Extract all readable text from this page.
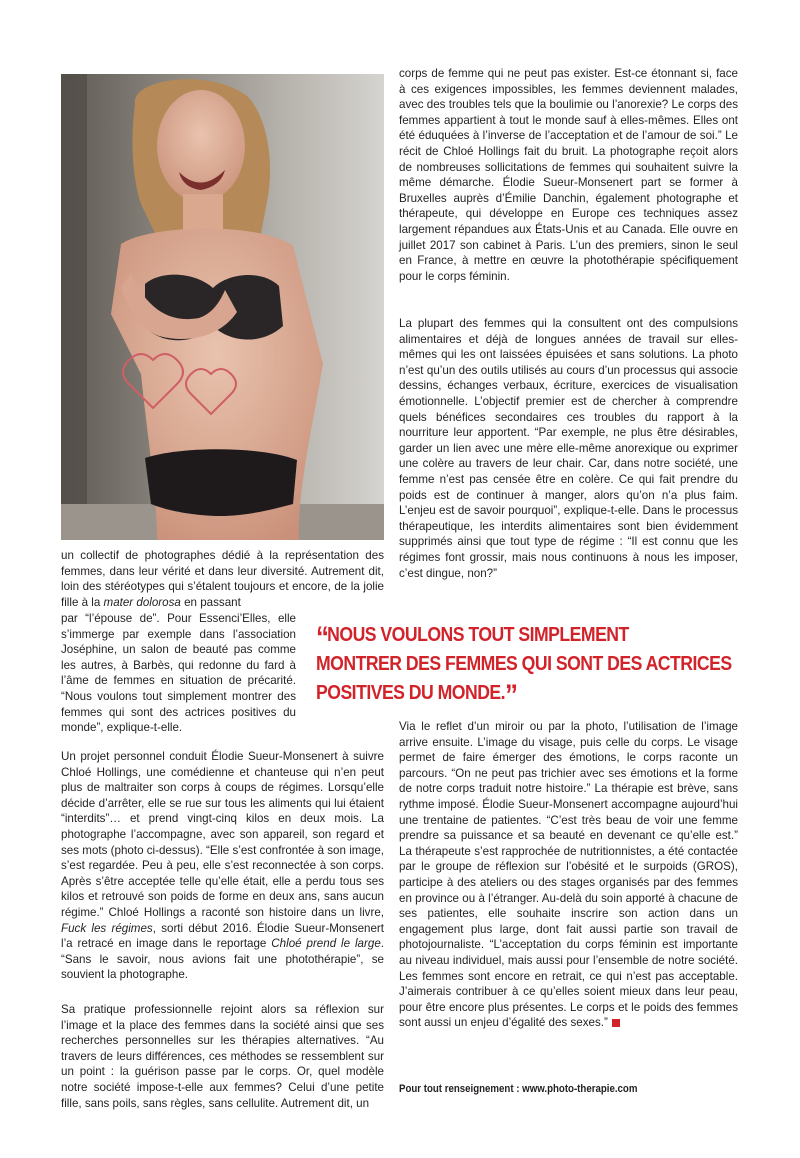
corps de femme qui ne peut pas exister. Est-ce étonnant si, face à ces exigences impossibles, les femmes deviennent malades, avec des troubles tels que la boulimie ou l’anorexie? Le corps des femmes appartient à tout le monde sauf à elles-mêmes. Elles ont été éduquées à l’inverse de l’acceptation et de l’amour de soi.” Le récit de Chloé Hollings fait du bruit. La photographe reçoit alors de nombreuses sollicitations de femmes qui souhaitent suivre la même démarche. Élodie Sueur-Monsenert part se former à Bruxelles auprès d’Émilie Danchin, également photographe et thérapeute, qui développe en Europe ces techniques assez largement répandues aux États-Unis et au Canada. Elle ouvre en juillet 2017 son cabinet à Paris. L’un des premiers, sinon le seul en France, à mettre en œuvre la photothérapie spécifiquement pour le corps féminin.

La plupart des femmes qui la consultent ont des compulsions alimentaires et déjà de longues années de travail sur elles-mêmes qui les ont laissées épuisées et sans solutions. La photo n’est qu’un des outils utilisés au cours d’un processus qui associe dessins, échanges verbaux, écriture, exercices de visualisation émotionnelle. L’objectif premier est de chercher à comprendre quels bénéfices secondaires ces troubles du rapport à la nourriture leur apportent. “Par exemple, ne plus être désirables, garder un lien avec une mère elle-même anorexique ou exprimer une colère au travers de leur chair. Car, dans notre société, une femme n’est pas censée être en colère. Ce qui fait prendre du poids est de continuer à manger, alors qu’on n’a plus faim. L’enjeu est de savoir pourquoi”, explique-t-elle. Dans le processus thérapeutique, les interdits alimentaires sont bien évidemment supprimés ainsi que tout type de régime : “Il est connu que les régimes font grossir, mais nous continuons à nous les imposer, c’est dingue, non?”

un collectif de photographes dédié à la représentation des femmes, dans leur vérité et dans leur diversité. Autrement dit, loin des stéréotypes qui s’étalent toujours et encore, de la jolie fille à la mater dolorosa en passant

par “l’épouse de”. Pour Essenci’Elles, elle s’immerge par exemple dans l’association Joséphine, un salon de beauté pas comme les autres, à Barbès, qui redonne du fard à l’âme de femmes en situation de précarité. “Nous voulons tout simplement montrer des femmes qui sont des actrices positives du monde”, explique-t-elle.

“NOUS VOULONS TOUT SIMPLEMENT
MONTRER DES FEMMES QUI SONT DES ACTRICES
POSITIVES DU MONDE.”

Un projet personnel conduit Élodie Sueur-Monsenert à suivre Chloé Hollings, une comédienne et chanteuse qui n’en peut plus de maltraiter son corps à coups de régimes. Lorsqu’elle décide d’arrêter, elle se rue sur tous les aliments qui lui étaient “interdits”… et prend vingt-cinq kilos en deux mois. La photographe l’accompagne, avec son appareil, son regard et ses mots (photo ci-dessus). “Elle s’est confrontée à son image, s’est regardée. Peu à peu, elle s’est reconnectée à son corps. Après s’être acceptée telle qu’elle était, elle a perdu tous ses kilos et retrouvé son poids de forme en deux ans, sans aucun régime.” Chloé Hollings a raconté son histoire dans un livre, Fuck les régimes, sorti début 2016. Élodie Sueur-Monsenert l’a retracé en image dans le reportage Chloé prend le large. “Sans le savoir, nous avions fait une photothérapie”, se souvient la photographe.

Sa pratique professionnelle rejoint alors sa réflexion sur l’image et la place des femmes dans la société ainsi que ses recherches personnelles sur les thérapies alternatives. “Au travers de leurs différences, ces méthodes se ressemblent sur un point : la guérison passe par le corps. Or, quel modèle notre société impose-t-elle aux femmes? Celui d’une petite fille, sans poils, sans règles, sans cellulite. Autrement dit, un

Via le reflet d’un miroir ou par la photo, l’utilisation de l’image arrive ensuite. L’image du visage, puis celle du corps. Le visage permet de faire émerger des émotions, le corps raconte un parcours. “On ne peut pas trichier avec ses émotions et la forme de notre corps traduit notre histoire.” La thérapie est brève, sans rythme imposé. Élodie Sueur-Monsenert accompagne aujourd’hui une trentaine de patientes. “C’est très beau de voir une femme prendre sa puissance et sa beauté en devenant ce qu’elle est.” La thérapeute s’est rapprochée de nutritionnistes, a été contactée par le groupe de réflexion sur l’obésité et le surpoids (GROS), participe à des ateliers ou des stages organisés par des femmes en province ou à l’étranger. Au-delà du soin apporté à chacune de ses patientes, elle souhaite inscrire son action dans un engagement plus large, dont fait aussi partie son travail de photojournaliste. “L’acceptation du corps féminin est importante au niveau individuel, mais aussi pour l’ensemble de notre société. Les femmes sont encore en retrait, ce qui n’est pas acceptable. J’aimerais contribuer à ce qu’elles soient mieux dans leur peau, pour être encore plus présentes. Le corps et le poids des femmes sont aussi un enjeu d’égalité des sexes.”

Pour tout renseignement : www.photo-therapie.com
